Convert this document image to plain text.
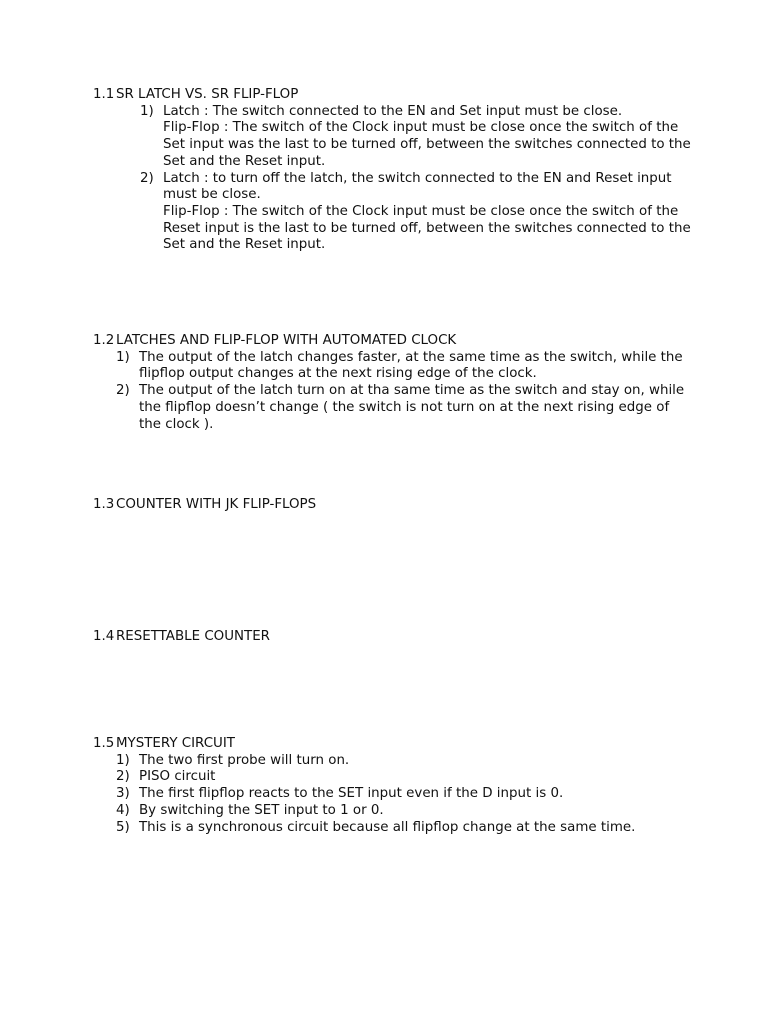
1.1 SR LATCH VS. SR FLIP-FLOP
1) Latch : The switch connected to the EN and Set input must be close.
Flip-Flop : The switch of the Clock input must be close once the switch of the Set input was the last to be turned off, between the switches connected to the Set and the Reset input.
2) Latch : to turn off the latch, the switch connected to the EN and Reset input must be close.
Flip-Flop : The switch of the Clock input must be close once the switch of the Reset input is the last to be turned off, between the switches connected to the Set and the Reset input.
1.2 LATCHES AND FLIP-FLOP WITH AUTOMATED CLOCK
1) The output of the latch changes faster, at the same time as the switch, while the flipflop output changes at the next rising edge of the clock.
2) The output of the latch turn on at tha same time as the switch and stay on, while the flipflop doesn’t change ( the switch is not turn on at the next rising edge of the clock ).
1.3 COUNTER WITH JK FLIP-FLOPS
1.4 RESETTABLE COUNTER
1.5 MYSTERY CIRCUIT
1) The two first probe will turn on.
2) PISO circuit
3) The first flipflop reacts to the SET input even if the D input is 0.
4) By switching the SET input to 1 or 0.
5) This is a synchronous circuit because all flipflop change at the same time.
